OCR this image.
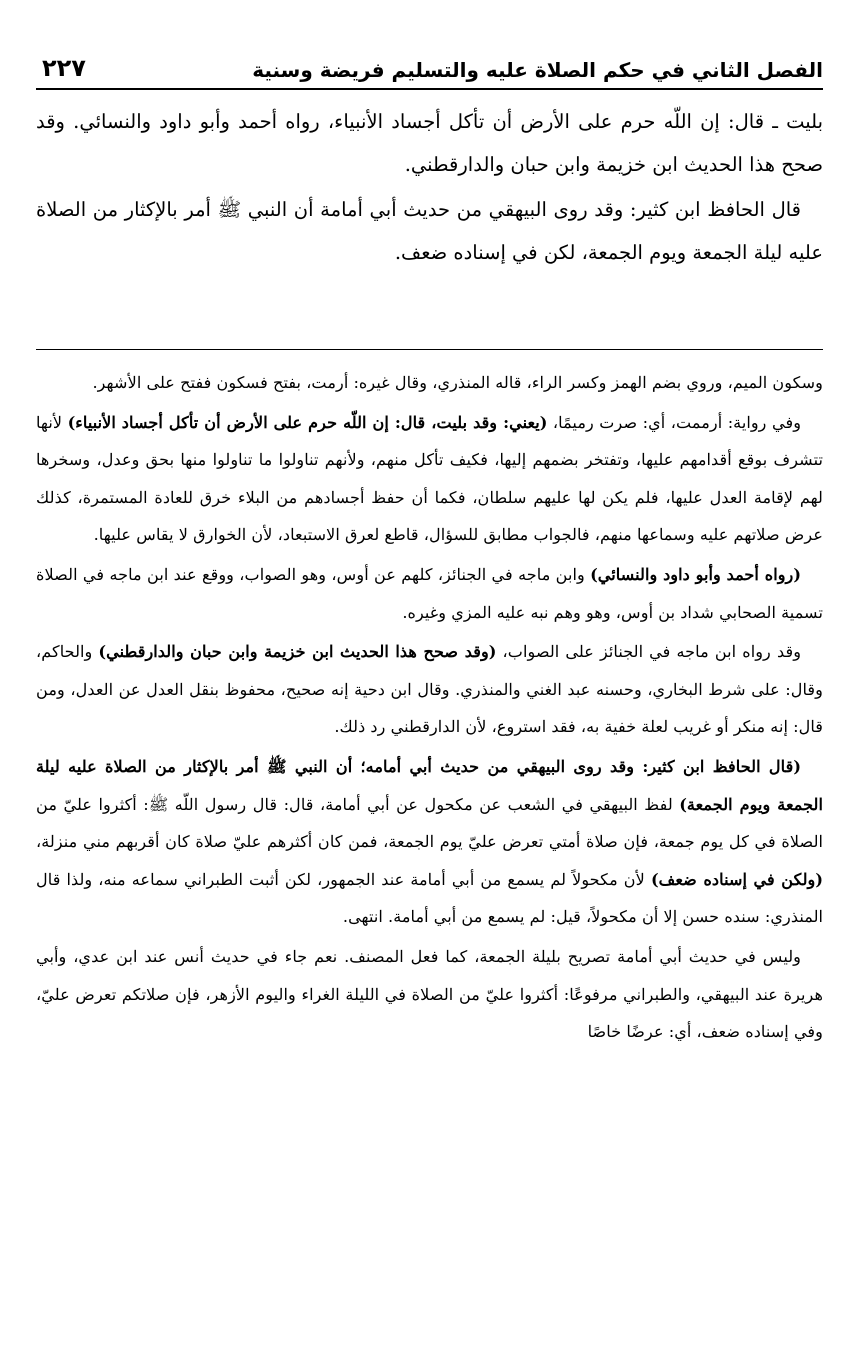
الفصل الثاني في حكم الصلاة عليه والتسليم فريضة وسنية
٢٢٧

بليت ـ قال: إن اللّه حرم على الأرض أن تأكل أجساد الأنبياء، رواه أحمد وأبو داود والنسائي. وقد صحح هذا الحديث ابن خزيمة وابن حبان والدارقطني.

قال الحافظ ابن كثير: وقد روى البيهقي من حديث أبي أمامة أن النبي ﷺ أمر بالإكثار من الصلاة عليه ليلة الجمعة ويوم الجمعة، لكن في إسناده ضعف.

وسكون الميم، وروي بضم الهمز وكسر الراء، قاله المنذري، وقال غيره: أرمت، بفتح فسكون ففتح على الأشهر.

وفي رواية: أرممت، أي: صرت رميمًا، (يعني: وقد بليت، قال: إن اللّه حرم على الأرض أن تأكل أجساد الأنبياء) لأنها تتشرف بوقع أقدامهم عليها، وتفتخر بضمهم إليها، فكيف تأكل منهم، ولأنهم تناولوا ما تناولوا منها بحق وعدل، وسخرها لهم لإقامة العدل عليها، فلم يكن لها عليهم سلطان، فكما أن حفظ أجسادهم من البلاء خرق للعادة المستمرة، كذلك عرض صلاتهم عليه وسماعها منهم، فالجواب مطابق للسؤال، قاطع لعرق الاستبعاد، لأن الخوارق لا يقاس عليها.

(رواه أحمد وأبو داود والنسائي) وابن ماجه في الجنائز، كلهم عن أوس، وهو الصواب، ووقع عند ابن ماجه في الصلاة تسمية الصحابي شداد بن أوس، وهو وهم نبه عليه المزي وغيره.

وقد رواه ابن ماجه في الجنائز على الصواب، (وقد صحح هذا الحديث ابن خزيمة وابن حبان والدارقطني) والحاكم، وقال: على شرط البخاري، وحسنه عبد الغني والمنذري. وقال ابن دحية إنه صحيح، محفوظ بنقل العدل عن العدل، ومن قال: إنه منكر أو غريب لعلة خفية به، فقد استروع، لأن الدارقطني رد ذلك.

(قال الحافظ ابن كثير: وقد روى البيهقي من حديث أبي أمامه؛ أن النبي ﷺ أمر بالإكثار من الصلاة عليه ليلة الجمعة ويوم الجمعة) لفظ البيهقي في الشعب عن مكحول عن أبي أمامة، قال: قال رسول اللّه ﷺ: أكثروا عليّ من الصلاة في كل يوم جمعة، فإن صلاة أمتي تعرض عليّ يوم الجمعة، فمن كان أكثرهم عليّ صلاة كان أقربهم مني منزلة، (ولكن في إسناده ضعف) لأن مكحولاً لم يسمع من أبي أمامة عند الجمهور، لكن أثبت الطبراني سماعه منه، ولذا قال المنذري: سنده حسن إلا أن مكحولاً، قيل: لم يسمع من أبي أمامة. انتهى.

وليس في حديث أبي أمامة تصريح بليلة الجمعة، كما فعل المصنف. نعم جاء في حديث أنس عند ابن عدي، وأبي هريرة عند البيهقي، والطبراني مرفوعًا: أكثروا عليّ من الصلاة في الليلة الغراء واليوم الأزهر، فإن صلاتكم تعرض عليّ، وفي إسناده ضعف، أي: عرضًا خاصًا
